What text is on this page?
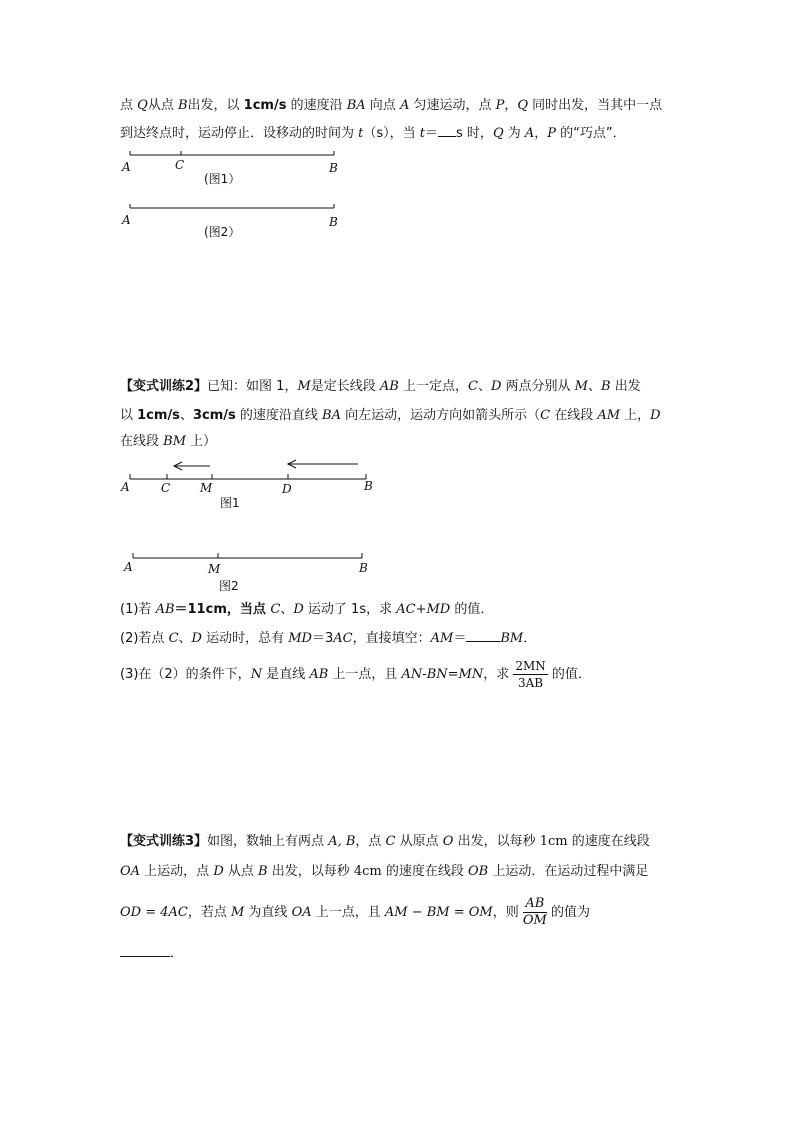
点 Q从点 B出发，以 1cm/s 的速度沿 BA 向点 A 匀速运动，点 P，Q 同时出发，当其中一点
到达终点时，运动停止．设移动的时间为 t（s），当 t＝ s 时，Q 为 A，P 的“巧点”．
A	C	B
(图1）
A	B
(图2）
A	C M	D	B
图1
A	M	B
图2
【变式训练2】已知：如图 1，M是定长线段 AB 上一定点，C、D 两点分别从 M、B 出发
以 1cm/s、3cm/s 的速度沿直线 BA 向左运动，运动方向如箭头所示（C 在线段 AM 上，D
在线段 BM 上）
(1)若 AB＝11cm，当点 C、D 运动了 1s，求 AC+MD 的值．
(2)若点 C、D 运动时，总有 MD＝3AC，直接填空：AM＝	BM．
(3)在（2）的条件下，N 是直线 AB 上一点，且 AN-BN=MN，求 $\frac{2MN}{3AB}$ 的值．
【变式训练3】如图，数轴上有两点 A, B，点 C 从原点 O 出发，以每秒 1cm 的速度在线段
OA 上运动，点 D 从点 B 出发，以每秒 4cm 的速度在线段 OB 上运动．在运动过程中满足
OD = 4AC，若点 M 为直线 OA 上一点，且 AM − BM = OM，则 $\frac{AB}{OM}$ 的值为
．
